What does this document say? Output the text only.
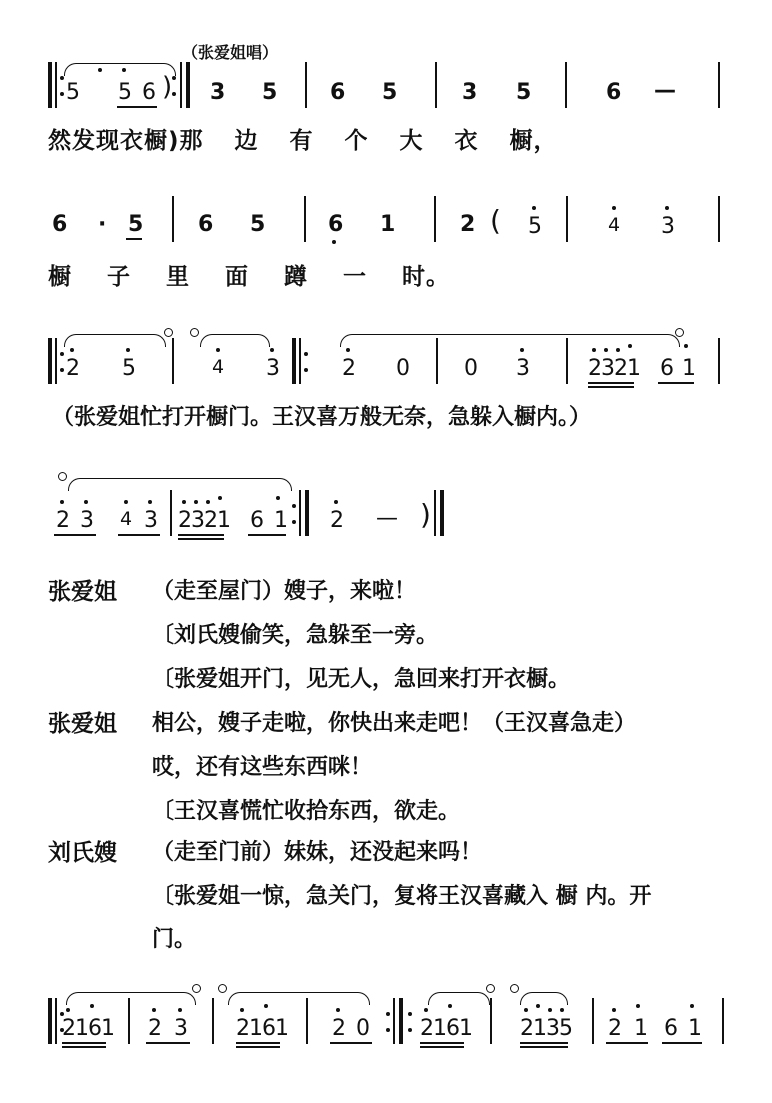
（张爱姐唱）
5 5 6 ) 3 5 6 5	3 5	6 —
然发现衣橱)那 边 有 个 大 衣 橱，
6 · 5 6 5	6 1	2 ( 5	4 3
橱 子 里 面 蹲 一 时。
2 5	4 3	2 0 0 3	2321 6 1
（张爱姐忙打开橱门。王汉喜万般无奈，急躲入橱内。）
2 3 4 3 2321 6 1 2 — )
张爱姐 （走至屋门）嫂子，来啦！
〔刘氏嫂偷笑，急躲至一旁。
〔张爱姐开门，见无人，急回来打开衣橱。
张爱姐 相公，嫂子走啦，你快出来走吧！（王汉喜急走）
哎，还有这些东西咪！
〔王汉喜慌忙收拾东西，欲走。
刘氏嫂 （走至门前）妹妹，还没起来吗！
〔张爱姐一惊，急关门，复将王汉喜藏入 橱 内。开
门。
2161 2 3 2161 2 0 2161 2135 2 1 6 1
